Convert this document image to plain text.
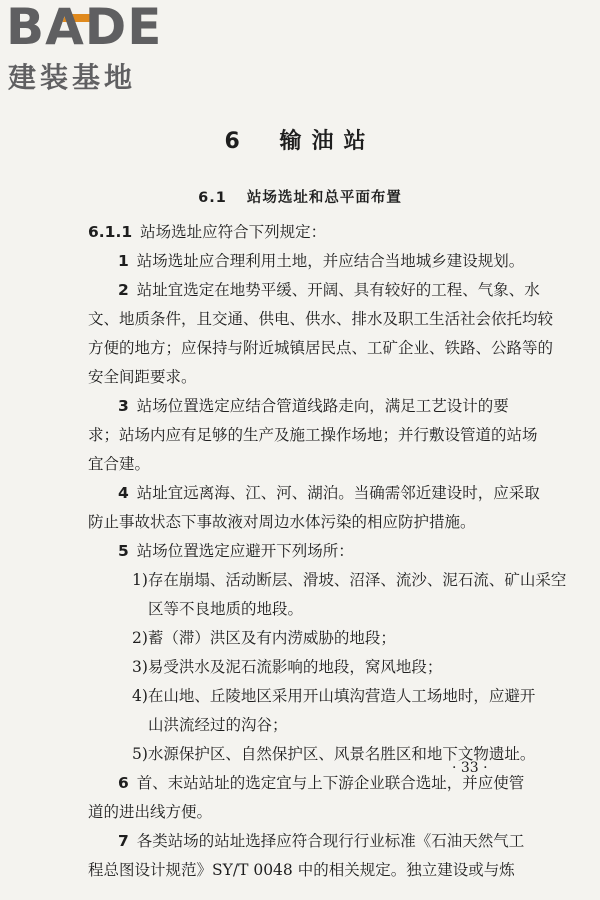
BADE
建装基地
6 输油站
6.1 站场选址和总平面布置

6.1.1 站场选址应符合下列规定：

1 站场选址应合理利用土地，并应结合当地城乡建设规划。

2 站址宜选定在地势平缓、开阔、具有较好的工程、气象、水

文、地质条件，且交通、供电、供水、排水及职工生活社会依托均较

方便的地方；应保持与附近城镇居民点、工矿企业、铁路、公路等的

安全间距要求。

3 站场位置选定应结合管道线路走向，满足工艺设计的要

求；站场内应有足够的生产及施工操作场地；并行敷设管道的站场

宜合建。

4 站址宜远离海、江、河、湖泊。当确需邻近建设时，应采取

防止事故状态下事故液对周边水体污染的相应防护措施。

5 站场位置选定应避开下列场所：

1)存在崩塌、活动断层、滑坡、沼泽、流沙、泥石流、矿山采空

区等不良地质的地段。

2)蓄（滞）洪区及有内涝威胁的地段；

3)易受洪水及泥石流影响的地段，窝风地段；

4)在山地、丘陵地区采用开山填沟营造人工场地时，应避开

山洪流经过的沟谷；

5)水源保护区、自然保护区、风景名胜区和地下文物遗址。

6 首、末站站址的选定宜与上下游企业联合选址，并应使管

道的进出线方便。

7 各类站场的站址选择应符合现行行业标准《石油天然气工

程总图设计规范》SY/T 0048 中的相关规定。独立建设或与炼

· 33 ·
